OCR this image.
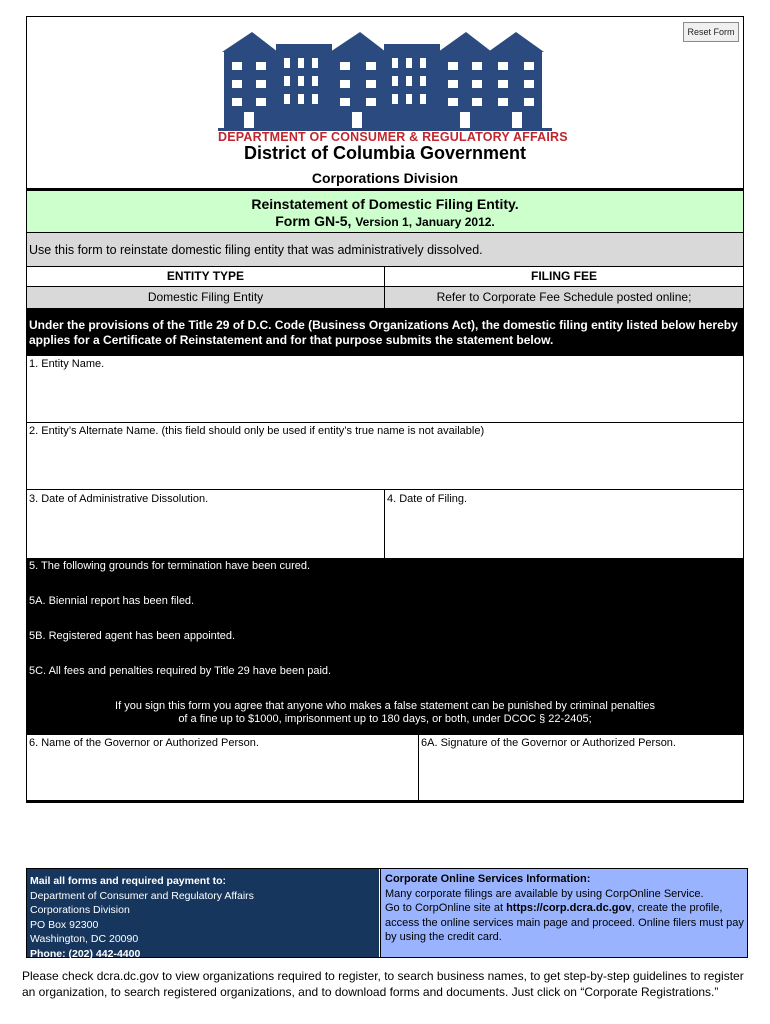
Reset Form
DEPARTMENT OF CONSUMER & REGULATORY AFFAIRS
District of Columbia Government
Corporations Division
Reinstatement of Domestic Filing Entity.
Form GN-5, Version 1, January 2012.
Use this form to reinstate domestic filing entity that was administratively dissolved.
ENTITY TYPE	FILING FEE
Domestic Filing Entity	Refer to Corporate Fee Schedule posted online;
Under the provisions of the Title 29 of D.C. Code (Business Organizations Act), the domestic filing entity listed below hereby applies for a Certificate of Reinstatement and for that purpose submits the statement below.
1. Entity Name.
2. Entity’s Alternate Name. (this field should only be used if entity’s true name is not available)
3. Date of Administrative Dissolution.	4. Date of Filing.
5. The following grounds for termination have been cured.
5A. Biennial report has been filed.
5B. Registered agent has been appointed.
5C. All fees and penalties required by Title 29 have been paid.
If you sign this form you agree that anyone who makes a false statement can be punished by criminal penalties
of a fine up to $1000, imprisonment up to 180 days, or both, under DCOC § 22-2405;
6. Name of the Governor or Authorized Person.	6A. Signature of the Governor or Authorized Person.
Mail all forms and required payment to:
Department of Consumer and Regulatory Affairs
Corporations Division
PO Box 92300
Washington, DC 20090
Phone: (202) 442-4400
Corporate Online Services Information:
Many corporate filings are available by using CorpOnline Service.
Go to CorpOnline site at https://corp.dcra.dc.gov, create the profile, access the online services main page and proceed. Online filers must pay by using the credit card.
Please check dcra.dc.gov to view organizations required to register, to search business names, to get step-by-step guidelines to register an organization, to search registered organizations, and to download forms and documents. Just click on “Corporate Registrations.”
